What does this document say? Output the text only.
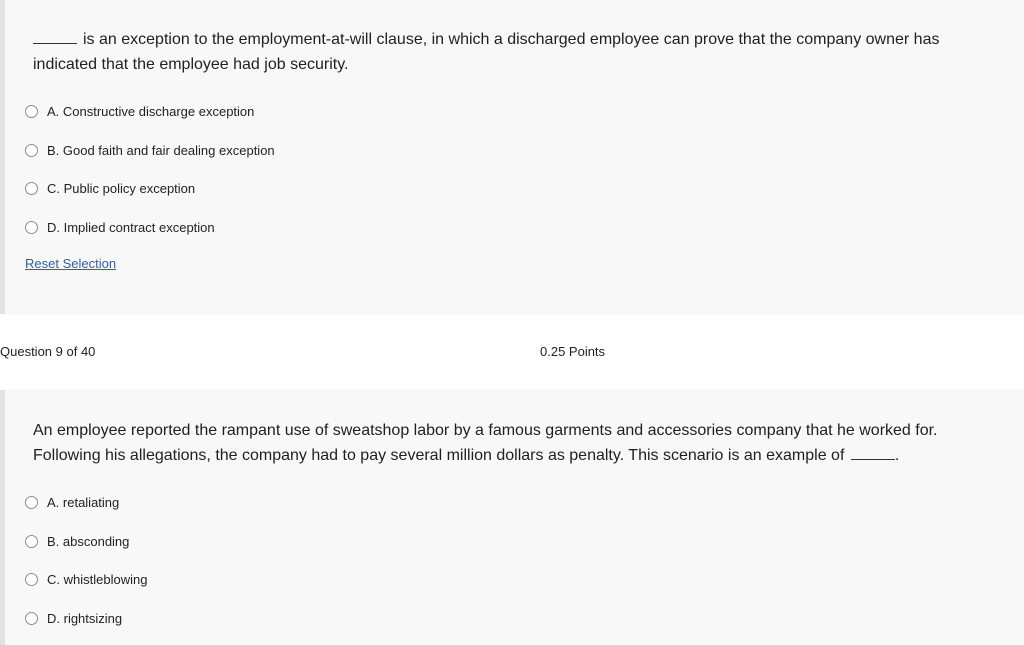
is an exception to the employment-at-will clause, in which a discharged employee can prove that the company owner has indicated that the employee had job security.

A. Constructive discharge exception
B. Good faith and fair dealing exception
C. Public policy exception
D. Implied contract exception
Reset Selection
Question 9 of 40	0.25 Points

An employee reported the rampant use of sweatshop labor by a famous garments and accessories company that he worked for. Following his allegations, the company had to pay several million dollars as penalty. This scenario is an example of	.

A. retaliating
B. absconding
C. whistleblowing
D. rightsizing
